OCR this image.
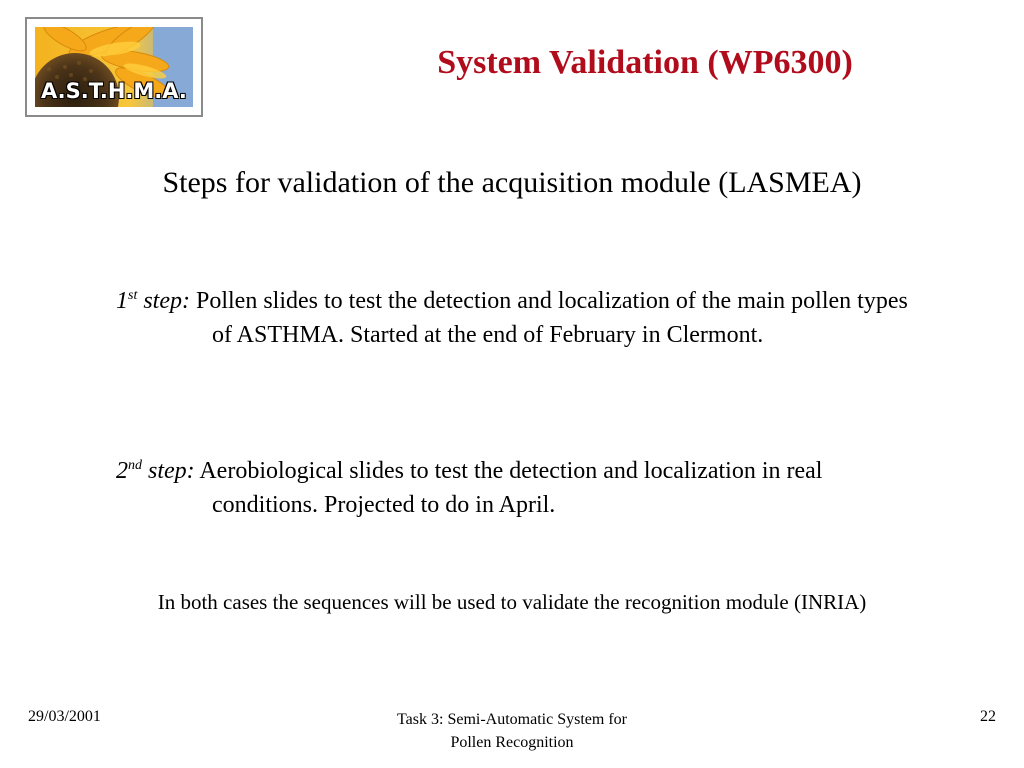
A.S.T.H.M.A.
System Validation (WP6300)
Steps for validation of the acquisition module (LASMEA)
1st step: Pollen slides to test the detection and localization of the main pollen types of ASTHMA. Started at the end of February in Clermont.
2nd step: Aerobiological slides to test the detection and localization in real conditions. Projected to do in April.
In both cases the sequences will be used to validate the recognition module (INRIA)
29/03/2001	Task 3: Semi-Automatic System for
Pollen Recognition
22
